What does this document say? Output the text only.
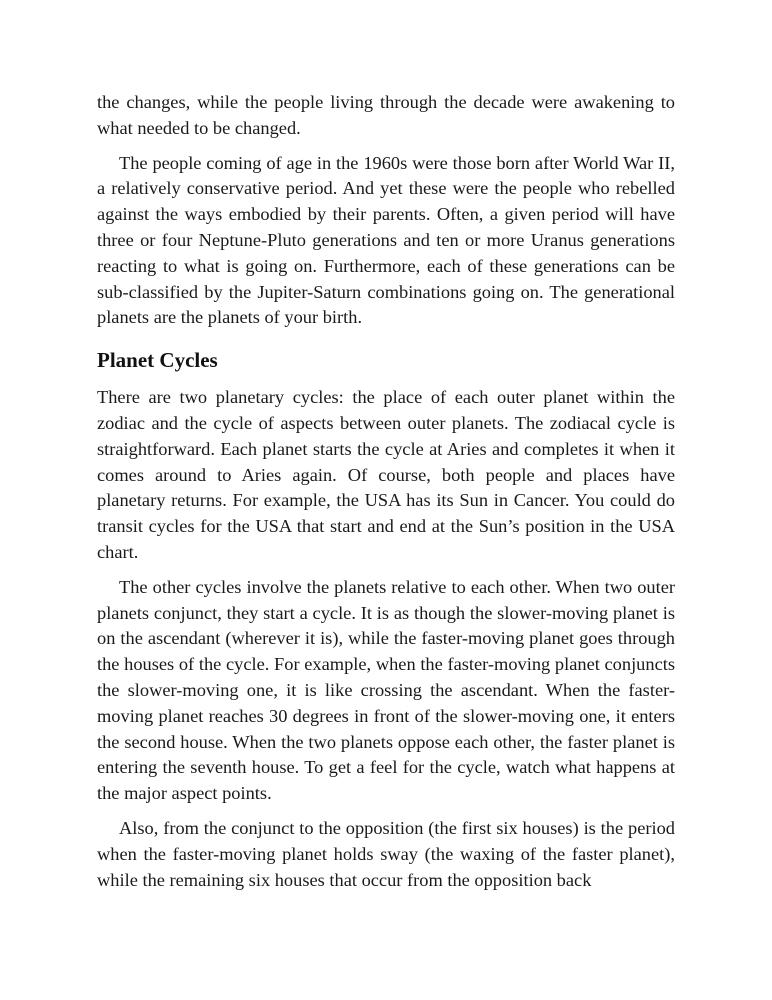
the changes, while the people living through the decade were awakening to what needed to be changed.

The people coming of age in the 1960s were those born after World War II, a relatively conservative period. And yet these were the people who rebelled against the ways embodied by their parents. Often, a given period will have three or four Neptune-Pluto generations and ten or more Uranus generations reacting to what is going on. Furthermore, each of these generations can be sub-classified by the Jupiter-Saturn combinations going on. The generational planets are the planets of your birth.

Planet Cycles

There are two planetary cycles: the place of each outer planet within the zodiac and the cycle of aspects between outer planets. The zodiacal cycle is straightforward. Each planet starts the cycle at Aries and completes it when it comes around to Aries again. Of course, both people and places have planetary returns. For example, the USA has its Sun in Cancer. You could do transit cycles for the USA that start and end at the Sun’s position in the USA chart.

The other cycles involve the planets relative to each other. When two outer planets conjunct, they start a cycle. It is as though the slower-moving planet is on the ascendant (wherever it is), while the faster-moving planet goes through the houses of the cycle. For example, when the faster-moving planet conjuncts the slower-moving one, it is like crossing the ascendant. When the faster-moving planet reaches 30 degrees in front of the slower-moving one, it enters the second house. When the two planets oppose each other, the faster planet is entering the seventh house. To get a feel for the cycle, watch what happens at the major aspect points.

Also, from the conjunct to the opposition (the first six houses) is the period when the faster-moving planet holds sway (the waxing of the faster planet), while the remaining six houses that occur from the opposition back
